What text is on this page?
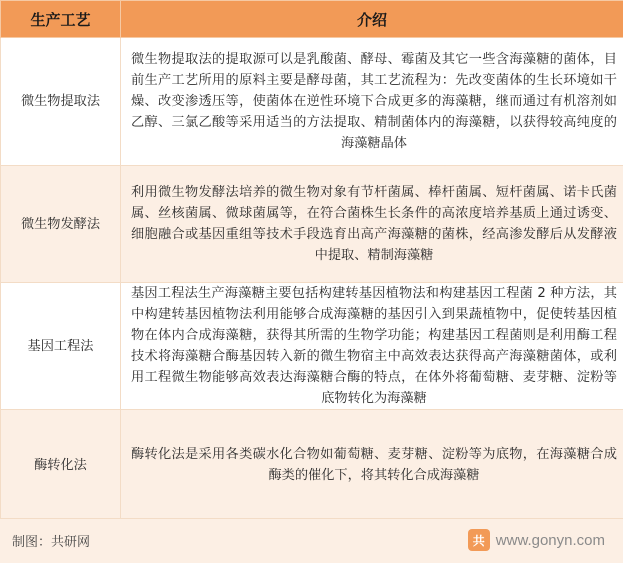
生产工艺	介绍
微生物提取法	微生物提取法的提取源可以是乳酸菌、酵母、霉菌及其它一些含海藻糖的菌体，目前生产工艺所用的原料主要是酵母菌，其工艺流程为：先改变菌体的生长环境如干燥、改变渗透压等，使菌体在逆性环境下合成更多的海藻糖，继而通过有机溶剂如乙醇、三氯乙酸等采用适当的方法提取、精制菌体内的海藻糖，以获得较高纯度的海藻糖晶体
微生物发酵法	利用微生物发酵法培养的微生物对象有节杆菌属、棒杆菌属、短杆菌属、诺卡氏菌属、丝核菌属、微球菌属等，在符合菌株生长条件的高浓度培养基质上通过诱变、细胞融合或基因重组等技术手段选育出高产海藻糖的菌株，经高渗发酵后从发酵液中提取、精制海藻糖
基因工程法	基因工程法生产海藻糖主要包括构建转基因植物法和构建基因工程菌 2 种方法，其中构建转基因植物法利用能够合成海藻糖的基因引入到果蔬植物中，促使转基因植物在体内合成海藻糖，获得其所需的生物学功能；构建基因工程菌则是利用酶工程技术将海藻糖合酶基因转入新的微生物宿主中高效表达获得高产海藻糖菌体，或利用工程微生物能够高效表达海藻糖合酶的特点，在体外将葡萄糖、麦芽糖、淀粉等底物转化为海藻糖
酶转化法	酶转化法是采用各类碳水化合物如葡萄糖、麦芽糖、淀粉等为底物，在海藻糖合成酶类的催化下，将其转化合成海藻糖
制图：共研网	共 www.gonyn.com
